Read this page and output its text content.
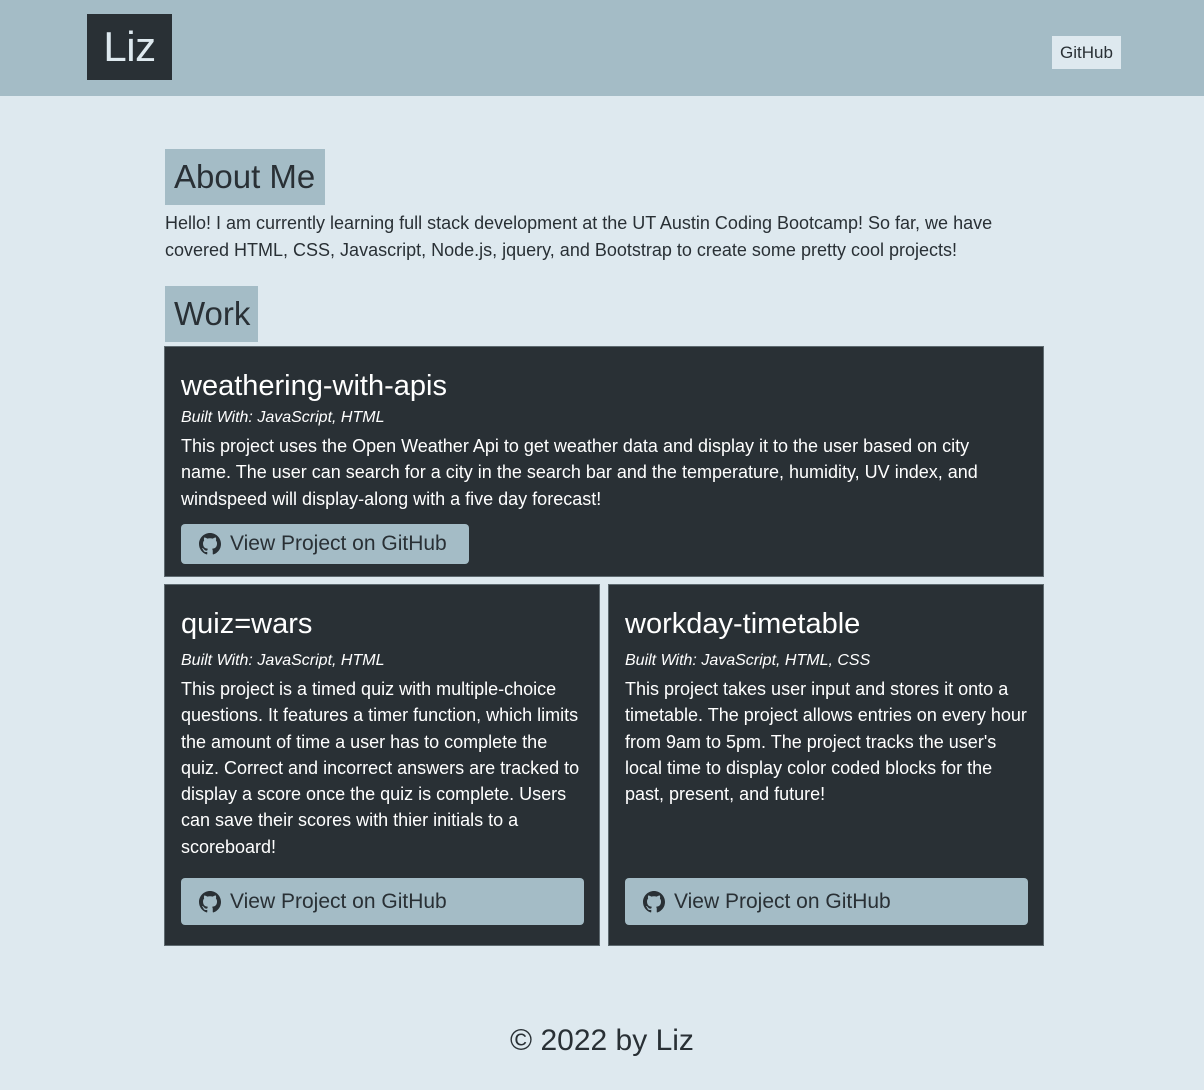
Liz	GitHub
About Me

Hello! I am currently learning full stack development at the UT Austin Coding Bootcamp! So far, we have covered HTML, CSS, Javascript, Node.js, jquery, and Bootstrap to create some pretty cool projects!

Work
weathering-with-apis

Built With: JavaScript, HTML

This project uses the Open Weather Api to get weather data and display it to the user based on city name. The user can search for a city in the search bar and the temperature, humidity, UV index, and windspeed will display-along with a five day forecast!

View Project on GitHub
quiz=wars

Built With: JavaScript, HTML

This project is a timed quiz with multiple-choice questions. It features a timer function, which limits the amount of time a user has to complete the quiz. Correct and incorrect answers are tracked to display a score once the quiz is complete. Users can save their scores with thier initials to a scoreboard!

View Project on GitHub
workday-timetable

Built With: JavaScript, HTML, CSS

This project takes user input and stores it onto a timetable. The project allows entries on every hour from 9am to 5pm. The project tracks the user's local time to display color coded blocks for the past, present, and future!

View Project on GitHub

© 2022 by Liz
